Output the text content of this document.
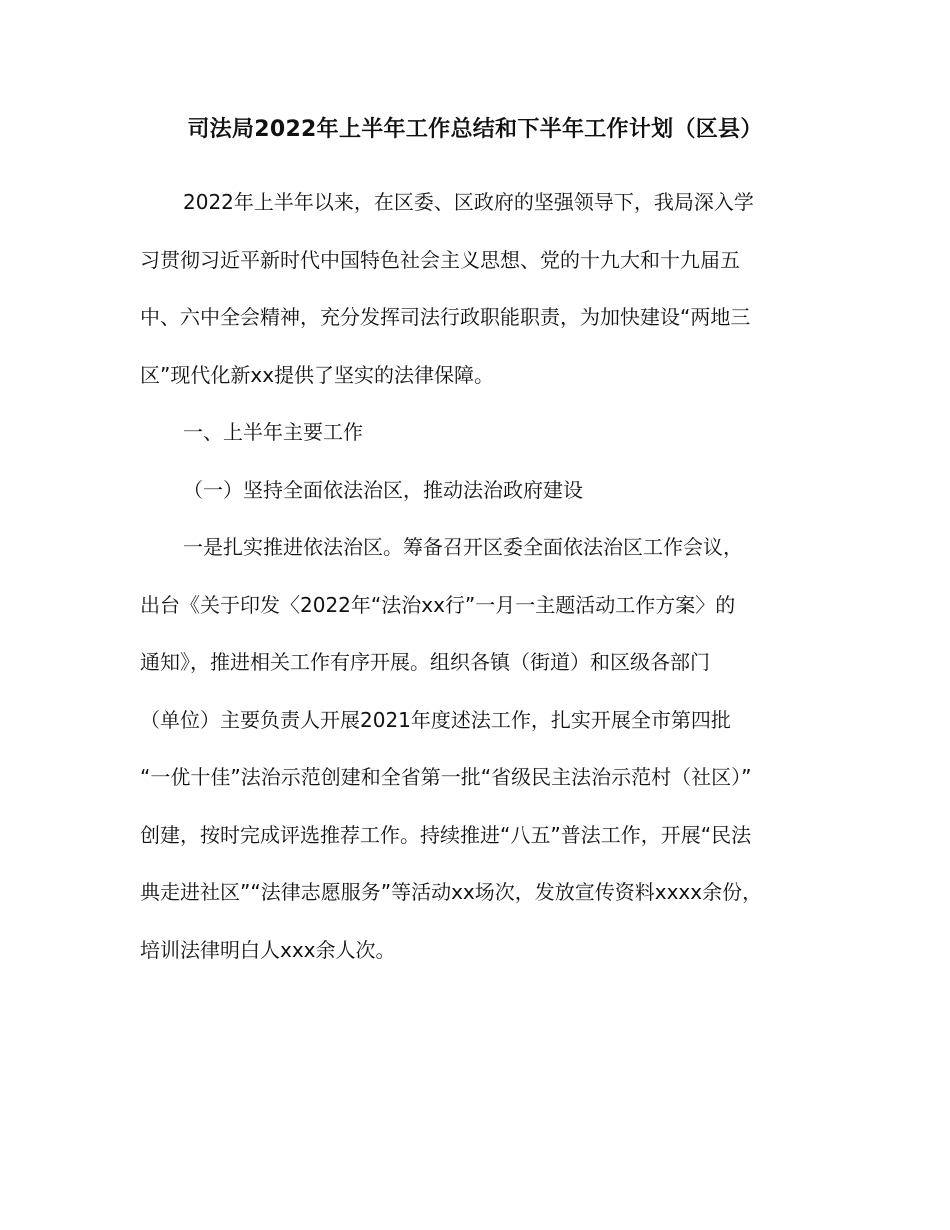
司法局2022年上半年工作总结和下半年工作计划（区县）

2022年上半年以来，在区委、区政府的坚强领导下，我局深入学

习贯彻习近平新时代中国特色社会主义思想、党的十九大和十九届五

中、六中全会精神，充分发挥司法行政职能职责，为加快建设“两地三

区”现代化新xx提供了坚实的法律保障。

一、上半年主要工作

（一）坚持全面依法治区，推动法治政府建设

一是扎实推进依法治区。筹备召开区委全面依法治区工作会议，

出台《关于印发〈2022年“法治xx行”一月一主题活动工作方案〉的

通知》，推进相关工作有序开展。组织各镇（街道）和区级各部门

（单位）主要负责人开展2021年度述法工作，扎实开展全市第四批

“一优十佳”法治示范创建和全省第一批“省级民主法治示范村（社区）”

创建，按时完成评选推荐工作。持续推进“八五”普法工作，开展“民法

典走进社区”“法律志愿服务”等活动xx场次，发放宣传资料xxxx余份，

培训法律明白人xxx余人次。
